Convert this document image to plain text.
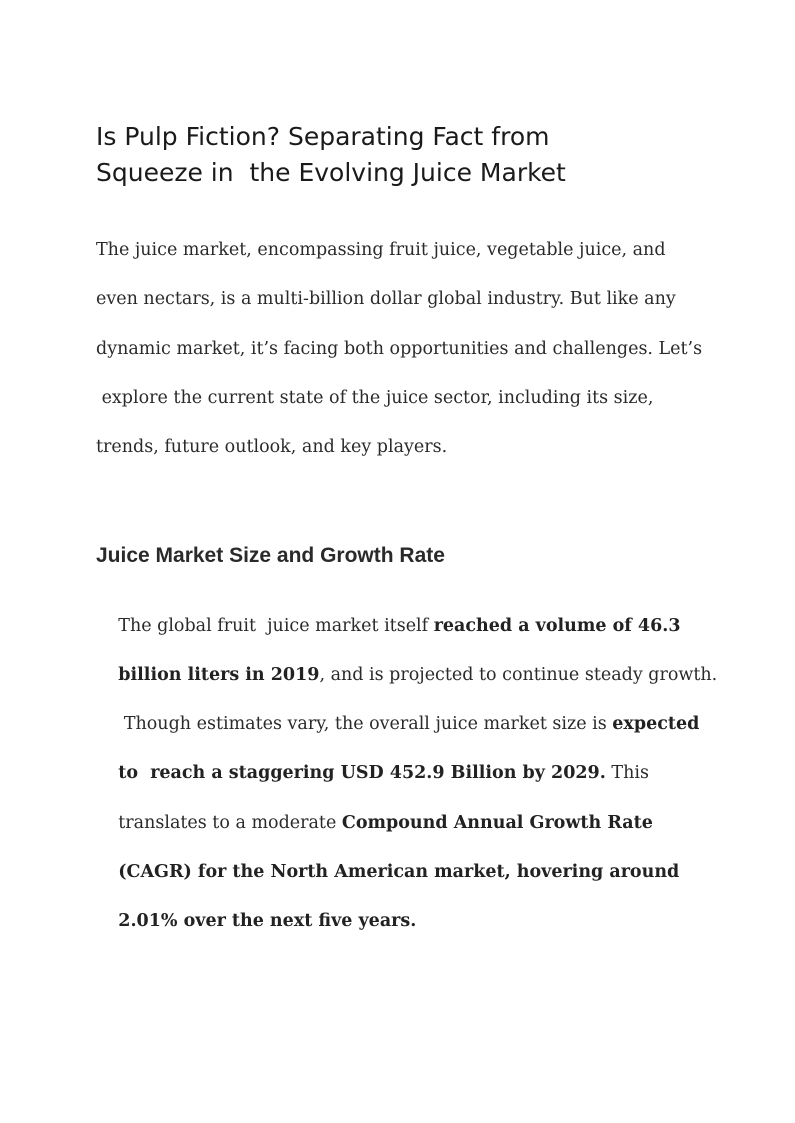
Is Pulp Fiction? Separating Fact from
Squeeze in  the Evolving Juice Market
The juice market, encompassing fruit juice, vegetable juice, and
even nectars, is a multi-billion dollar global industry. But like any
dynamic market, it’s facing both opportunities and challenges. Let’s
explore the current state of the juice sector, including its size,
trends, future outlook, and key players.
Juice Market Size and Growth Rate

The global fruit  juice market itself reached a volume of 46.3

billion liters in 2019, and is projected to continue steady growth.

Though estimates vary, the overall juice market size is expected

to  reach a staggering USD 452.9 Billion by 2029. This

translates to a moderate Compound Annual Growth Rate

(CAGR) for the North American market, hovering around

2.01% over the next five years.
